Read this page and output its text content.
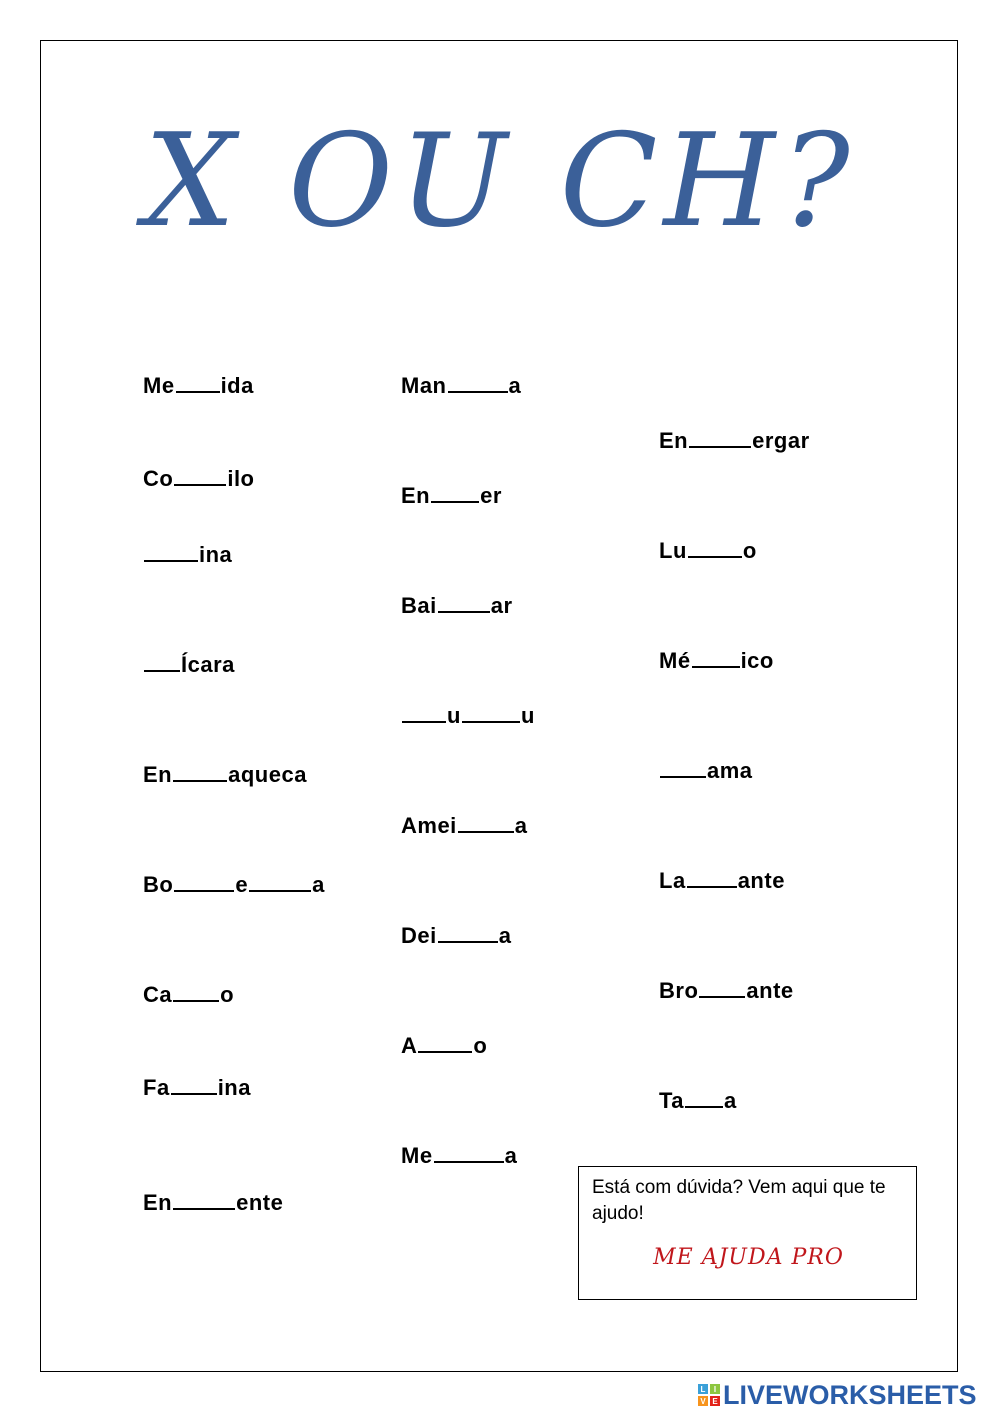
X OU CH?
Me ida
Co ilo
ina
Ícara
En	aqueca
Bo	e	a
Ca o
Fa ina
En	ente
Man	a
En er
Bai ar
u	u
Amei	a
Dei	a
A	o
Me	a
En	ergar
Lu	o
Mé ico
ama
La ante
Bro ante
Ta a
Está com dúvida? Vem aqui que te ajudo!
ME AJUDA PRO
L I
V E LIVEWORKSHEETS
